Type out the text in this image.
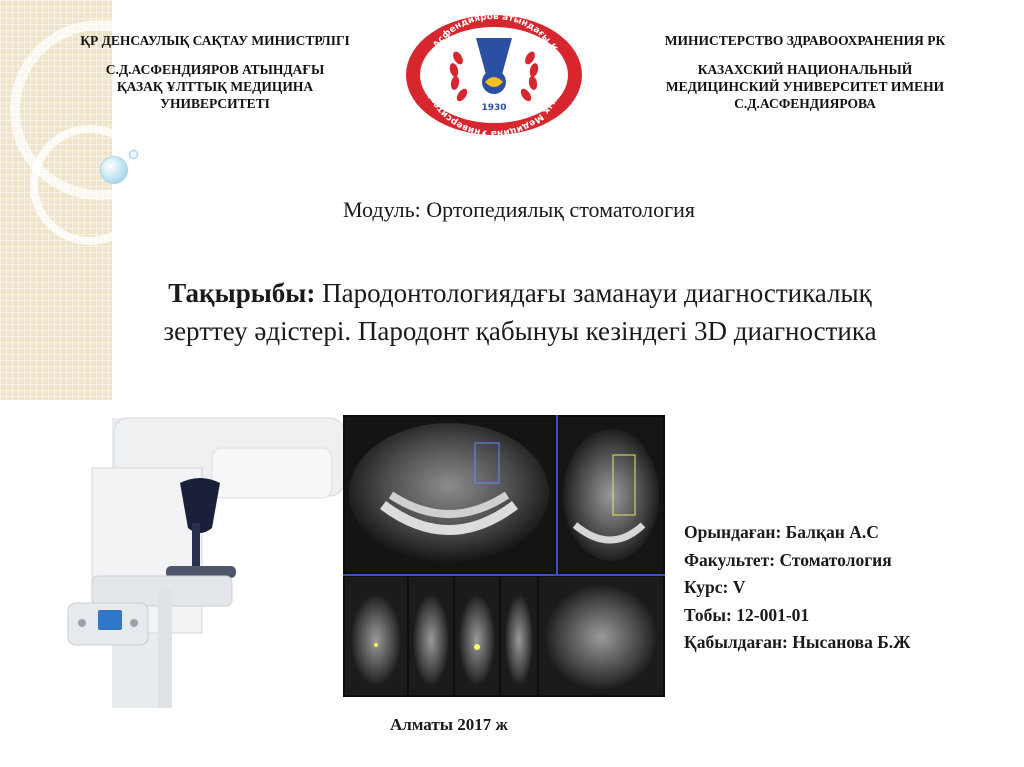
ҚР ДЕНСАУЛЫҚ САҚТАУ МИНИСТРЛІГІ
С.Д.АСФЕНДИЯРОВ АТЫНДАҒЫ
ҚАЗАҚ ҰЛТТЫҚ МЕДИЦИНА
УНИВЕРСИТЕТІ
С.Ж. Асфендияров атындағы Қазақ Ұлттық Медицина Университеті
1930
МИНИСТЕРСТВО ЗДРАВООХРАНЕНИЯ РК
КАЗАХСКИЙ НАЦИОНАЛЬНЫЙ
МЕДИЦИНСКИЙ УНИВЕРСИТЕТ ИМЕНИ
С.Д.АСФЕНДИЯРОВА
Модуль: Ортопедиялық стоматология
Тақырыбы: Пародонтологиядағы заманауи диагностикалық
зерттеу әдістері. Пародонт қабынуы кезіндегі 3D диагностика
Орындаған: Балқан А.С
Факультет: Стоматология
Курс: V
Тобы: 12-001-01
Қабылдаған: Нысанова Б.Ж
Алматы 2017 ж
